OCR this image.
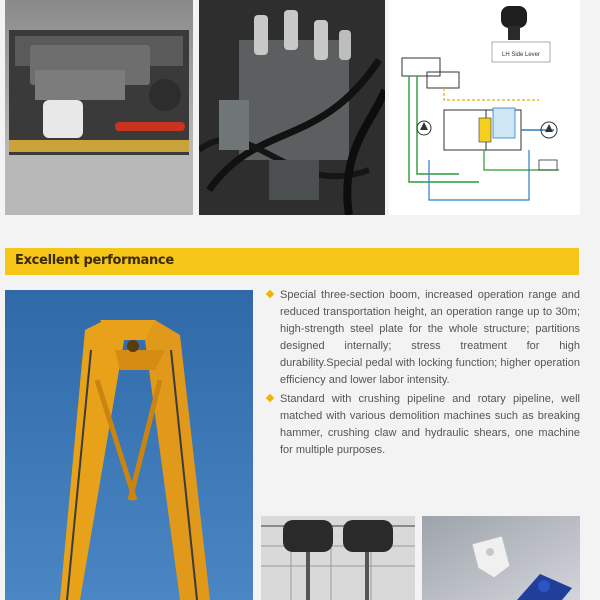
LH Side Lever
Excellent performance
Special three-section boom, increased operation range and reduced transportation height, an operation range up to 30m; high-strength steel plate for the whole structure; partitions designed internally; stress treatment for high durability.Special pedal with locking function; higher operation efficiency and lower labor intensity.
Standard with crushing pipeline and rotary pipeline, well matched with various demolition machines such as breaking hammer, crushing claw and hydraulic shears, one machine for multiple purposes.
